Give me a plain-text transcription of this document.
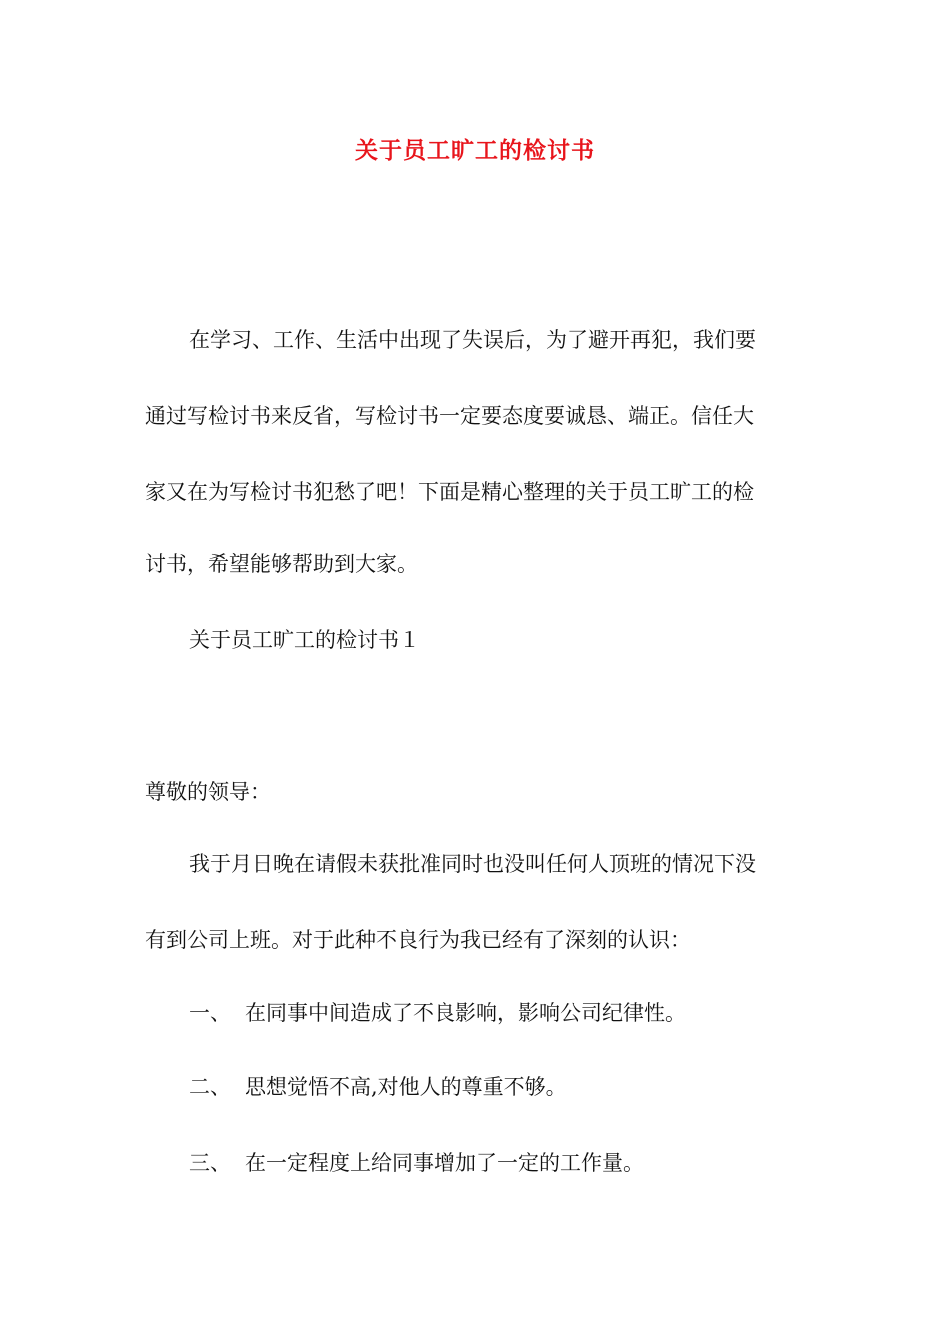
关于员工旷工的检讨书
在学习、工作、生活中出现了失误后，为了避开再犯，我们要
通过写检讨书来反省，写检讨书一定要态度要诚恳、端正。信任大
家又在为写检讨书犯愁了吧！下面是精心整理的关于员工旷工的检
讨书，希望能够帮助到大家。
关于员工旷工的检讨书１
尊敬的领导：
我于月日晚在请假未获批准同时也没叫任何人顶班的情况下没
有到公司上班。对于此种不良行为我已经有了深刻的认识：
一、 在同事中间造成了不良影响，影响公司纪律性。
二、 思想觉悟不高,对他人的尊重不够。
三、 在一定程度上给同事增加了一定的工作量。
